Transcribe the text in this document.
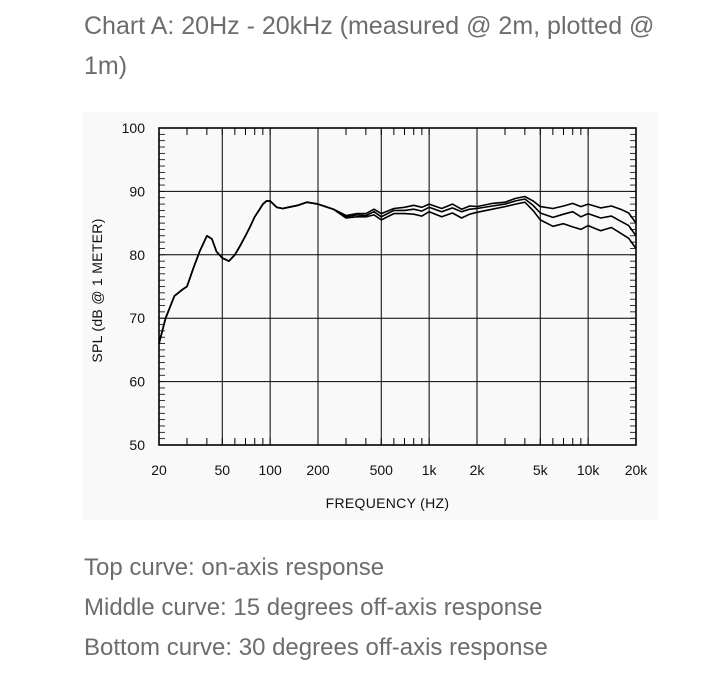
Chart A: 20Hz - 20kHz (measured @ 2m, plotted @ 1m)
20	50 100 200	500 1k 2k	5k 10k 20k
50
60
70
80
90
100
FREQUENCY (HZ)
SPL (dB @ 1 METER)
Top curve: on-axis response
Middle curve: 15 degrees off-axis response
Bottom curve: 30 degrees off-axis response
